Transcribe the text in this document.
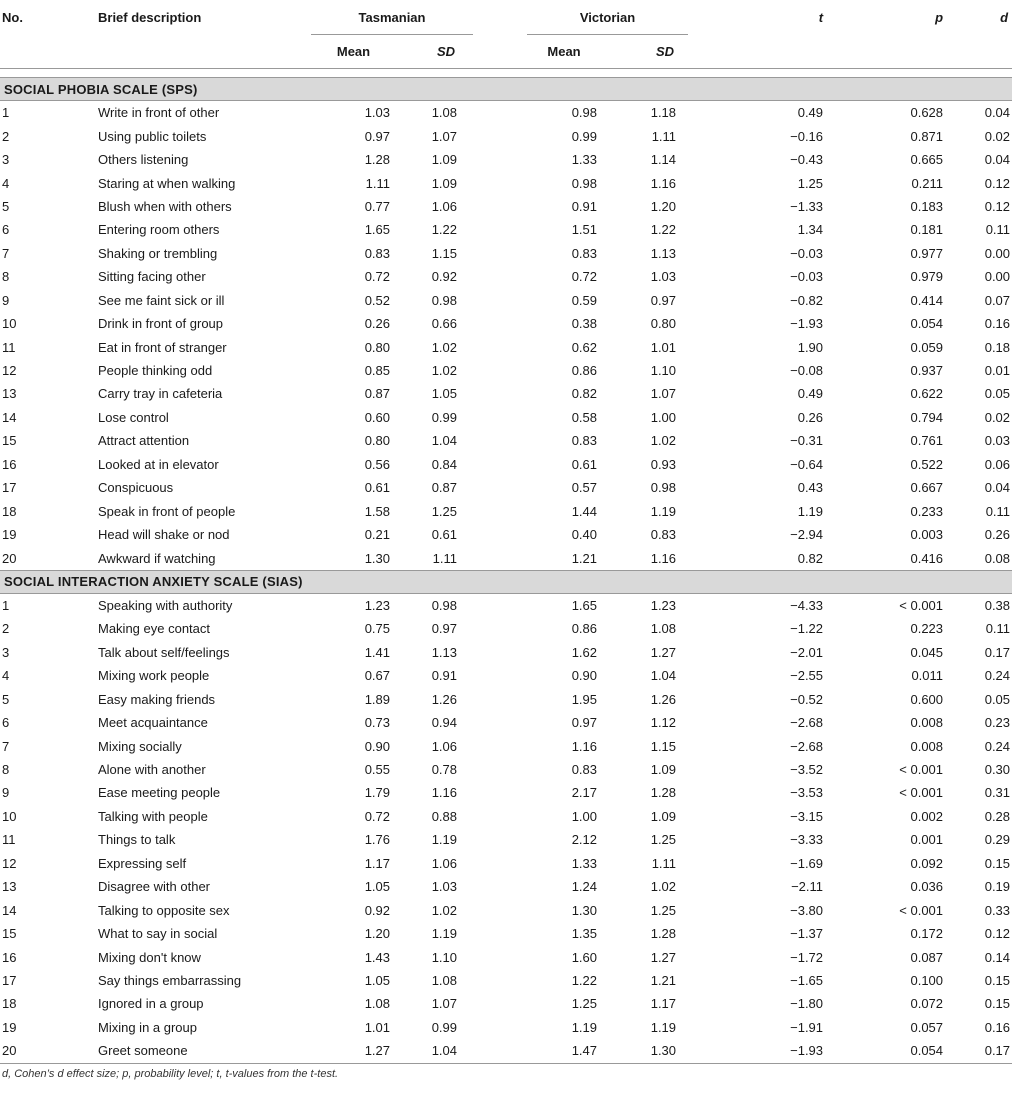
No.	Brief description	Tasmanian			Victorian		t	p	d
		Mean	SD		Mean	SD			

SOCIAL PHOBIA SCALE (SPS)									
1	Write in front of other	1.03	1.08		0.98	1.18	0.49	0.628	0.04
2	Using public toilets	0.97	1.07		0.99	1.11	−0.16	0.871	0.02
3	Others listening	1.28	1.09		1.33	1.14	−0.43	0.665	0.04
4	Staring at when walking	1.11	1.09		0.98	1.16	1.25	0.211	0.12
5	Blush when with others	0.77	1.06		0.91	1.20	−1.33	0.183	0.12
6	Entering room others	1.65	1.22		1.51	1.22	1.34	0.181	0.11
7	Shaking or trembling	0.83	1.15		0.83	1.13	−0.03	0.977	0.00
8	Sitting facing other	0.72	0.92		0.72	1.03	−0.03	0.979	0.00
9	See me faint sick or ill	0.52	0.98		0.59	0.97	−0.82	0.414	0.07
10	Drink in front of group	0.26	0.66		0.38	0.80	−1.93	0.054	0.16
11	Eat in front of stranger	0.80	1.02		0.62	1.01	1.90	0.059	0.18
12	People thinking odd	0.85	1.02		0.86	1.10	−0.08	0.937	0.01
13	Carry tray in cafeteria	0.87	1.05		0.82	1.07	0.49	0.622	0.05
14	Lose control	0.60	0.99		0.58	1.00	0.26	0.794	0.02
15	Attract attention	0.80	1.04		0.83	1.02	−0.31	0.761	0.03
16	Looked at in elevator	0.56	0.84		0.61	0.93	−0.64	0.522	0.06
17	Conspicuous	0.61	0.87		0.57	0.98	0.43	0.667	0.04
18	Speak in front of people	1.58	1.25		1.44	1.19	1.19	0.233	0.11
19	Head will shake or nod	0.21	0.61		0.40	0.83	−2.94	0.003	0.26
20	Awkward if watching	1.30	1.11		1.21	1.16	0.82	0.416	0.08
SOCIAL INTERACTION ANXIETY SCALE (SIAS)									
1	Speaking with authority	1.23	0.98		1.65	1.23	−4.33	< 0.001	0.38
2	Making eye contact	0.75	0.97		0.86	1.08	−1.22	0.223	0.11
3	Talk about self/feelings	1.41	1.13		1.62	1.27	−2.01	0.045	0.17
4	Mixing work people	0.67	0.91		0.90	1.04	−2.55	0.011	0.24
5	Easy making friends	1.89	1.26		1.95	1.26	−0.52	0.600	0.05
6	Meet acquaintance	0.73	0.94		0.97	1.12	−2.68	0.008	0.23
7	Mixing socially	0.90	1.06		1.16	1.15	−2.68	0.008	0.24
8	Alone with another	0.55	0.78		0.83	1.09	−3.52	< 0.001	0.30
9	Ease meeting people	1.79	1.16		2.17	1.28	−3.53	< 0.001	0.31
10	Talking with people	0.72	0.88		1.00	1.09	−3.15	0.002	0.28
11	Things to talk	1.76	1.19		2.12	1.25	−3.33	0.001	0.29
12	Expressing self	1.17	1.06		1.33	1.11	−1.69	0.092	0.15
13	Disagree with other	1.05	1.03		1.24	1.02	−2.11	0.036	0.19
14	Talking to opposite sex	0.92	1.02		1.30	1.25	−3.80	< 0.001	0.33
15	What to say in social	1.20	1.19		1.35	1.28	−1.37	0.172	0.12
16	Mixing don't know	1.43	1.10		1.60	1.27	−1.72	0.087	0.14
17	Say things embarrassing	1.05	1.08		1.22	1.21	−1.65	0.100	0.15
18	Ignored in a group	1.08	1.07		1.25	1.17	−1.80	0.072	0.15
19	Mixing in a group	1.01	0.99		1.19	1.19	−1.91	0.057	0.16
20	Greet someone	1.27	1.04		1.47	1.30	−1.93	0.054	0.17
d, Cohen’s d effect size; p, probability level; t, t-values from the t-test.
